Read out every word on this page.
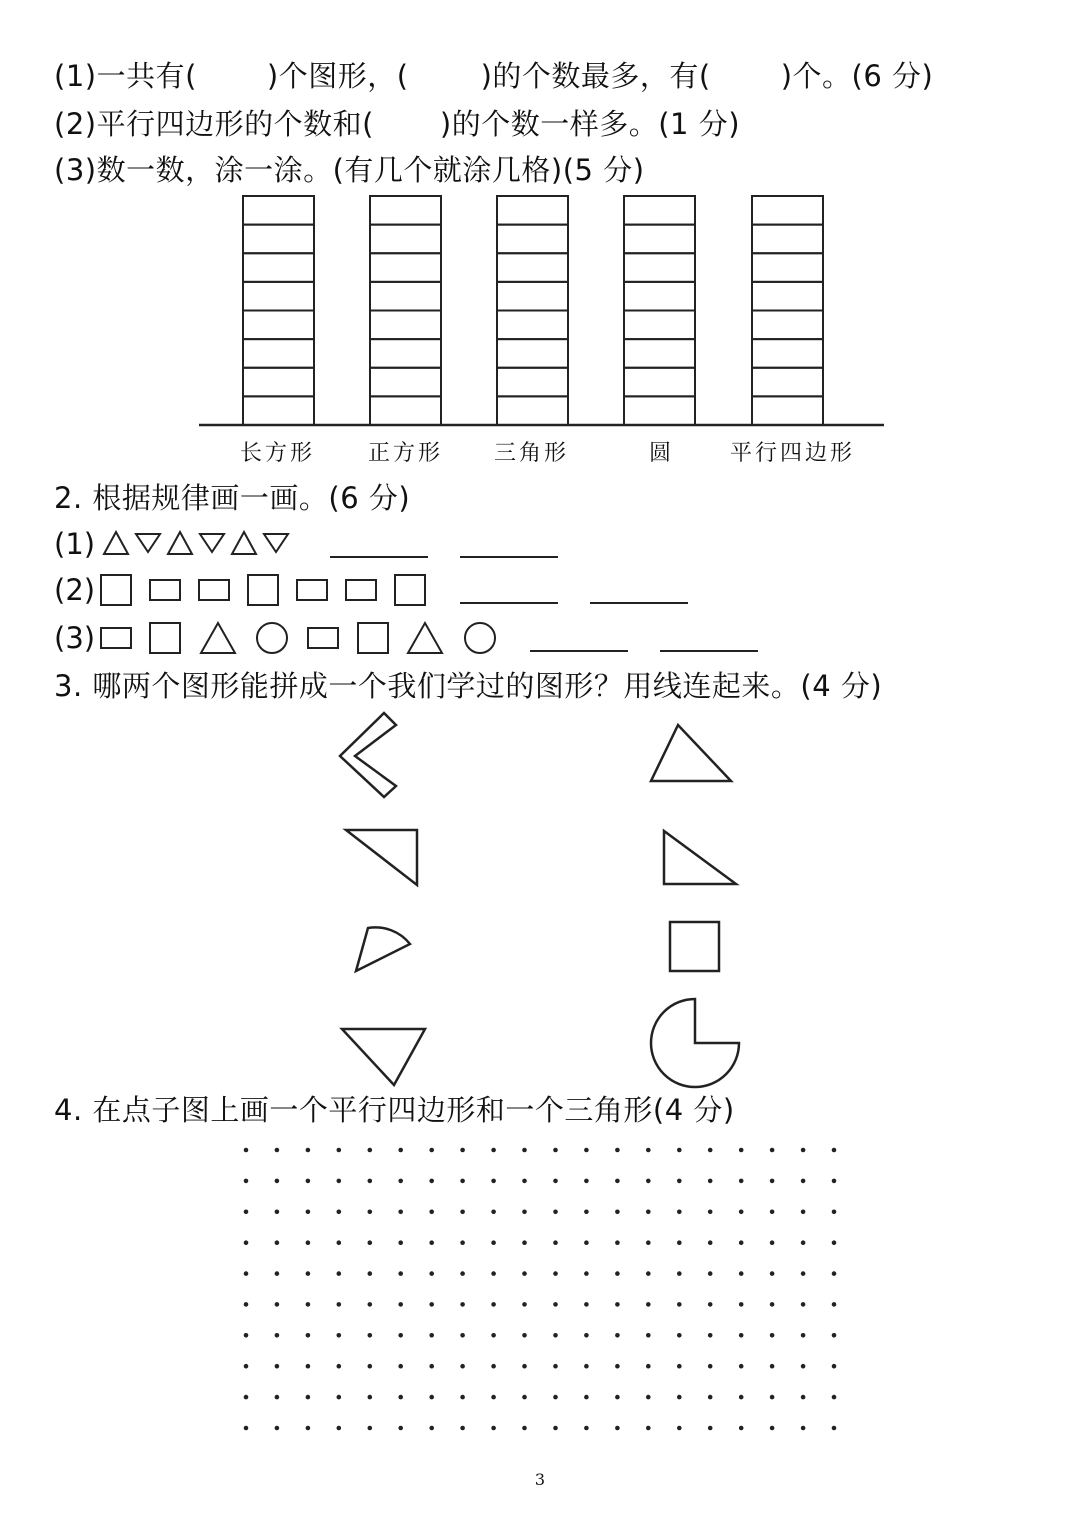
(1)一共有( )个图形，( )的个数最多，有( )个。(6 分)
(2)平行四边形的个数和( )的个数一样多。(1 分)
(3)数一数，涂一涂。(有几个就涂几格)(5 分)
长方形 正方形 三角形	圆	平行四边形
2. 根据规律画一画。(6 分)
(1)
(2)
(3)
3. 哪两个图形能拼成一个我们学过的图形？用线连起来。(4 分)
4. 在点子图上画一个平行四边形和一个三角形(4 分)
3
